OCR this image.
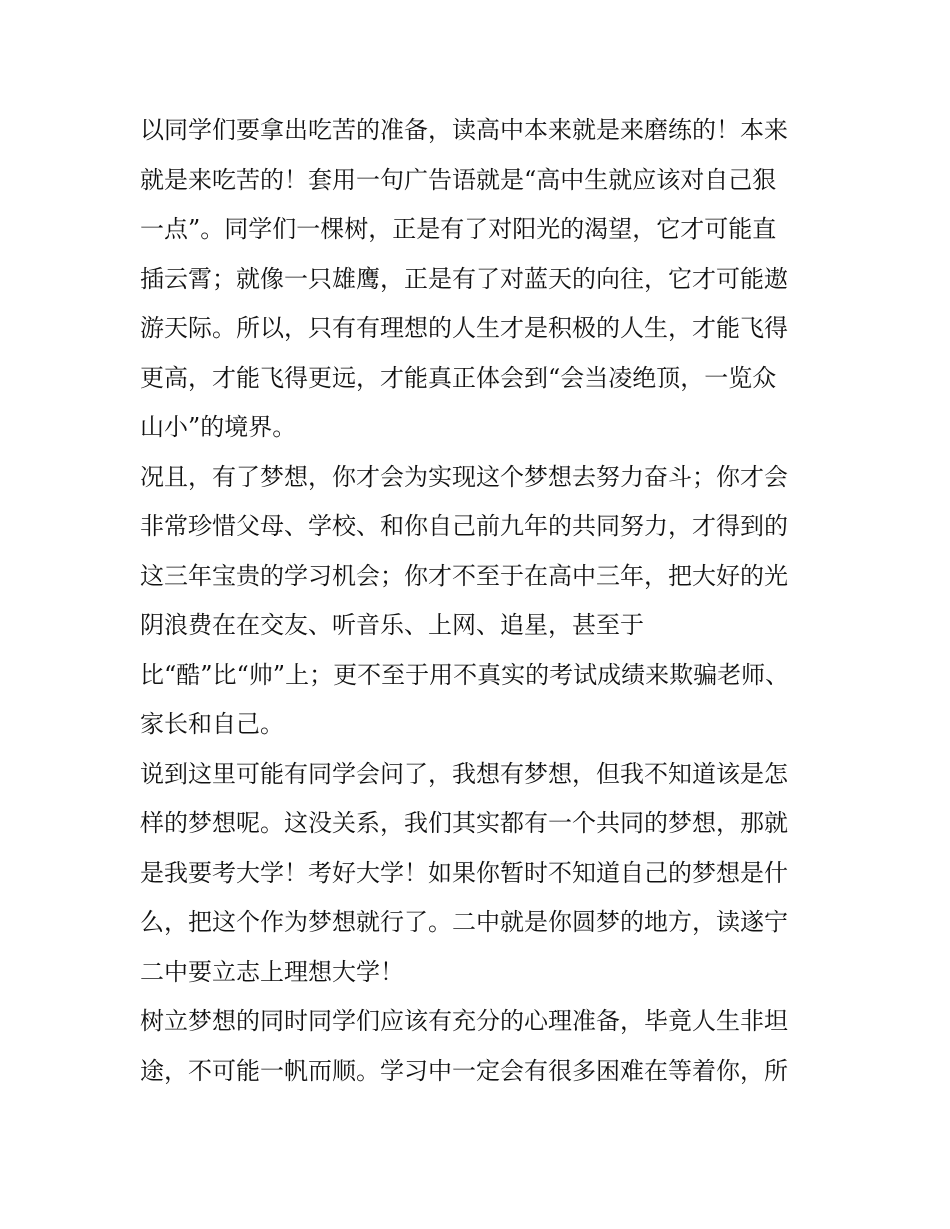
以同学们要拿出吃苦的准备，读高中本来就是来磨练的！本来
就是来吃苦的！套用一句广告语就是“高中生就应该对自己狠
一点”。同学们一棵树，正是有了对阳光的渴望，它才可能直
插云霄；就像一只雄鹰，正是有了对蓝天的向往，它才可能遨
游天际。所以，只有有理想的人生才是积极的人生，才能飞得
更高，才能飞得更远，才能真正体会到“会当凌绝顶，一览众
山小”的境界。
况且，有了梦想，你才会为实现这个梦想去努力奋斗；你才会
非常珍惜父母、学校、和你自己前九年的共同努力，才得到的
这三年宝贵的学习机会；你才不至于在高中三年，把大好的光
阴浪费在在交友、听音乐、上网、追星，甚至于
比“酷”比“帅”上；更不至于用不真实的考试成绩来欺骗老师、
家长和自己。
说到这里可能有同学会问了，我想有梦想，但我不知道该是怎
样的梦想呢。这没关系，我们其实都有一个共同的梦想，那就
是我要考大学！考好大学！如果你暂时不知道自己的梦想是什
么，把这个作为梦想就行了。二中就是你圆梦的地方，读遂宁
二中要立志上理想大学！
树立梦想的同时同学们应该有充分的心理准备，毕竟人生非坦
途，不可能一帆而顺。学习中一定会有很多困难在等着你，所
